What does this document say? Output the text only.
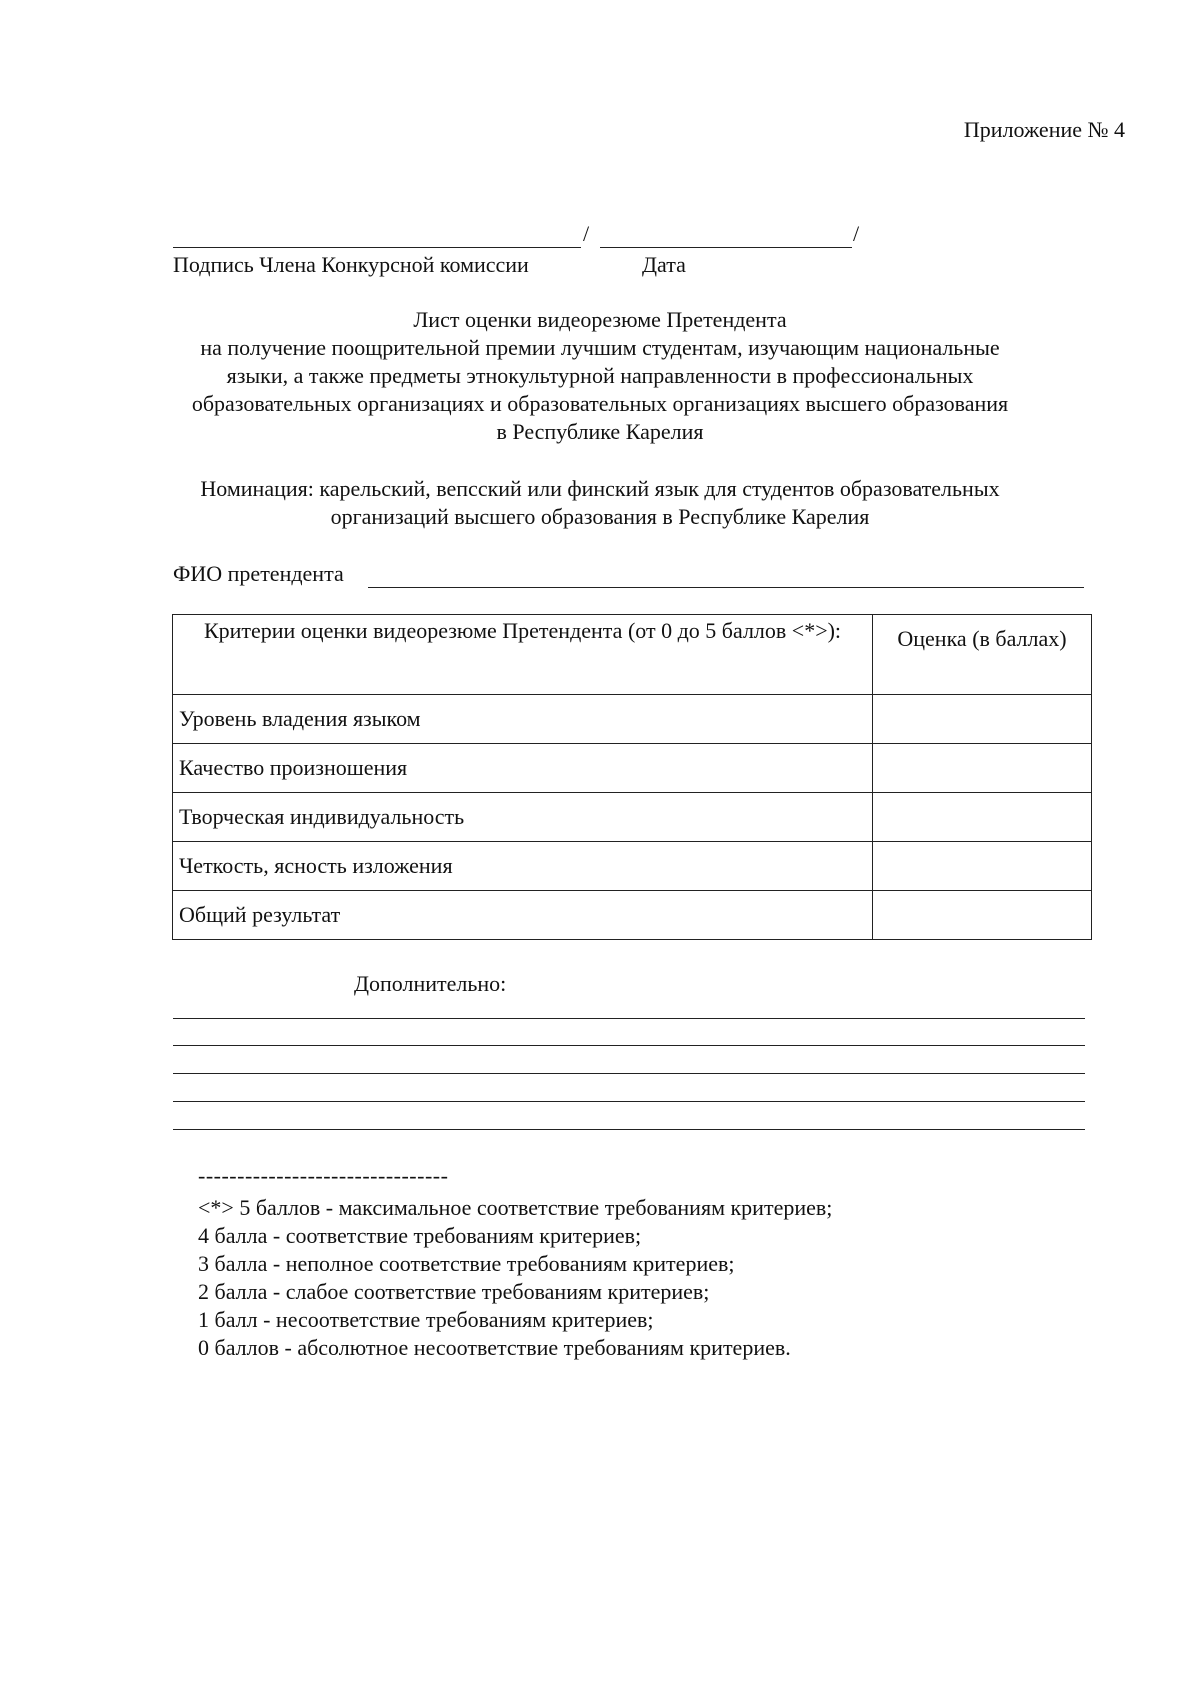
Приложение № 4
/	/
Подпись Члена Конкурсной комиссии	Дата
Лист оценки видеорезюме Претендента
на получение поощрительной премии лучшим студентам, изучающим национальные
языки, а также предметы этнокультурной направленности в профессиональных
образовательных организациях и образовательных организациях высшего образования
в Республике Карелия
Номинация: карельский, вепсский или финский язык для студентов образовательных
организаций высшего образования в Республике Карелия
ФИО претендента
Критерии оценки видеорезюме Претендента (от 0 до 5 баллов <*>):	Оценка (в баллах)
Уровень владения языком	
Качество произношения	
Творческая индивидуальность	
Четкость, ясность изложения	
Общий результат	
Дополнительно:
--------------------------------
<*> 5 баллов - максимальное соответствие требованиям критериев;
4 балла - соответствие требованиям критериев;
3 балла - неполное соответствие требованиям критериев;
2 балла - слабое соответствие требованиям критериев;
1 балл - несоответствие требованиям критериев;
0 баллов - абсолютное несоответствие требованиям критериев.
